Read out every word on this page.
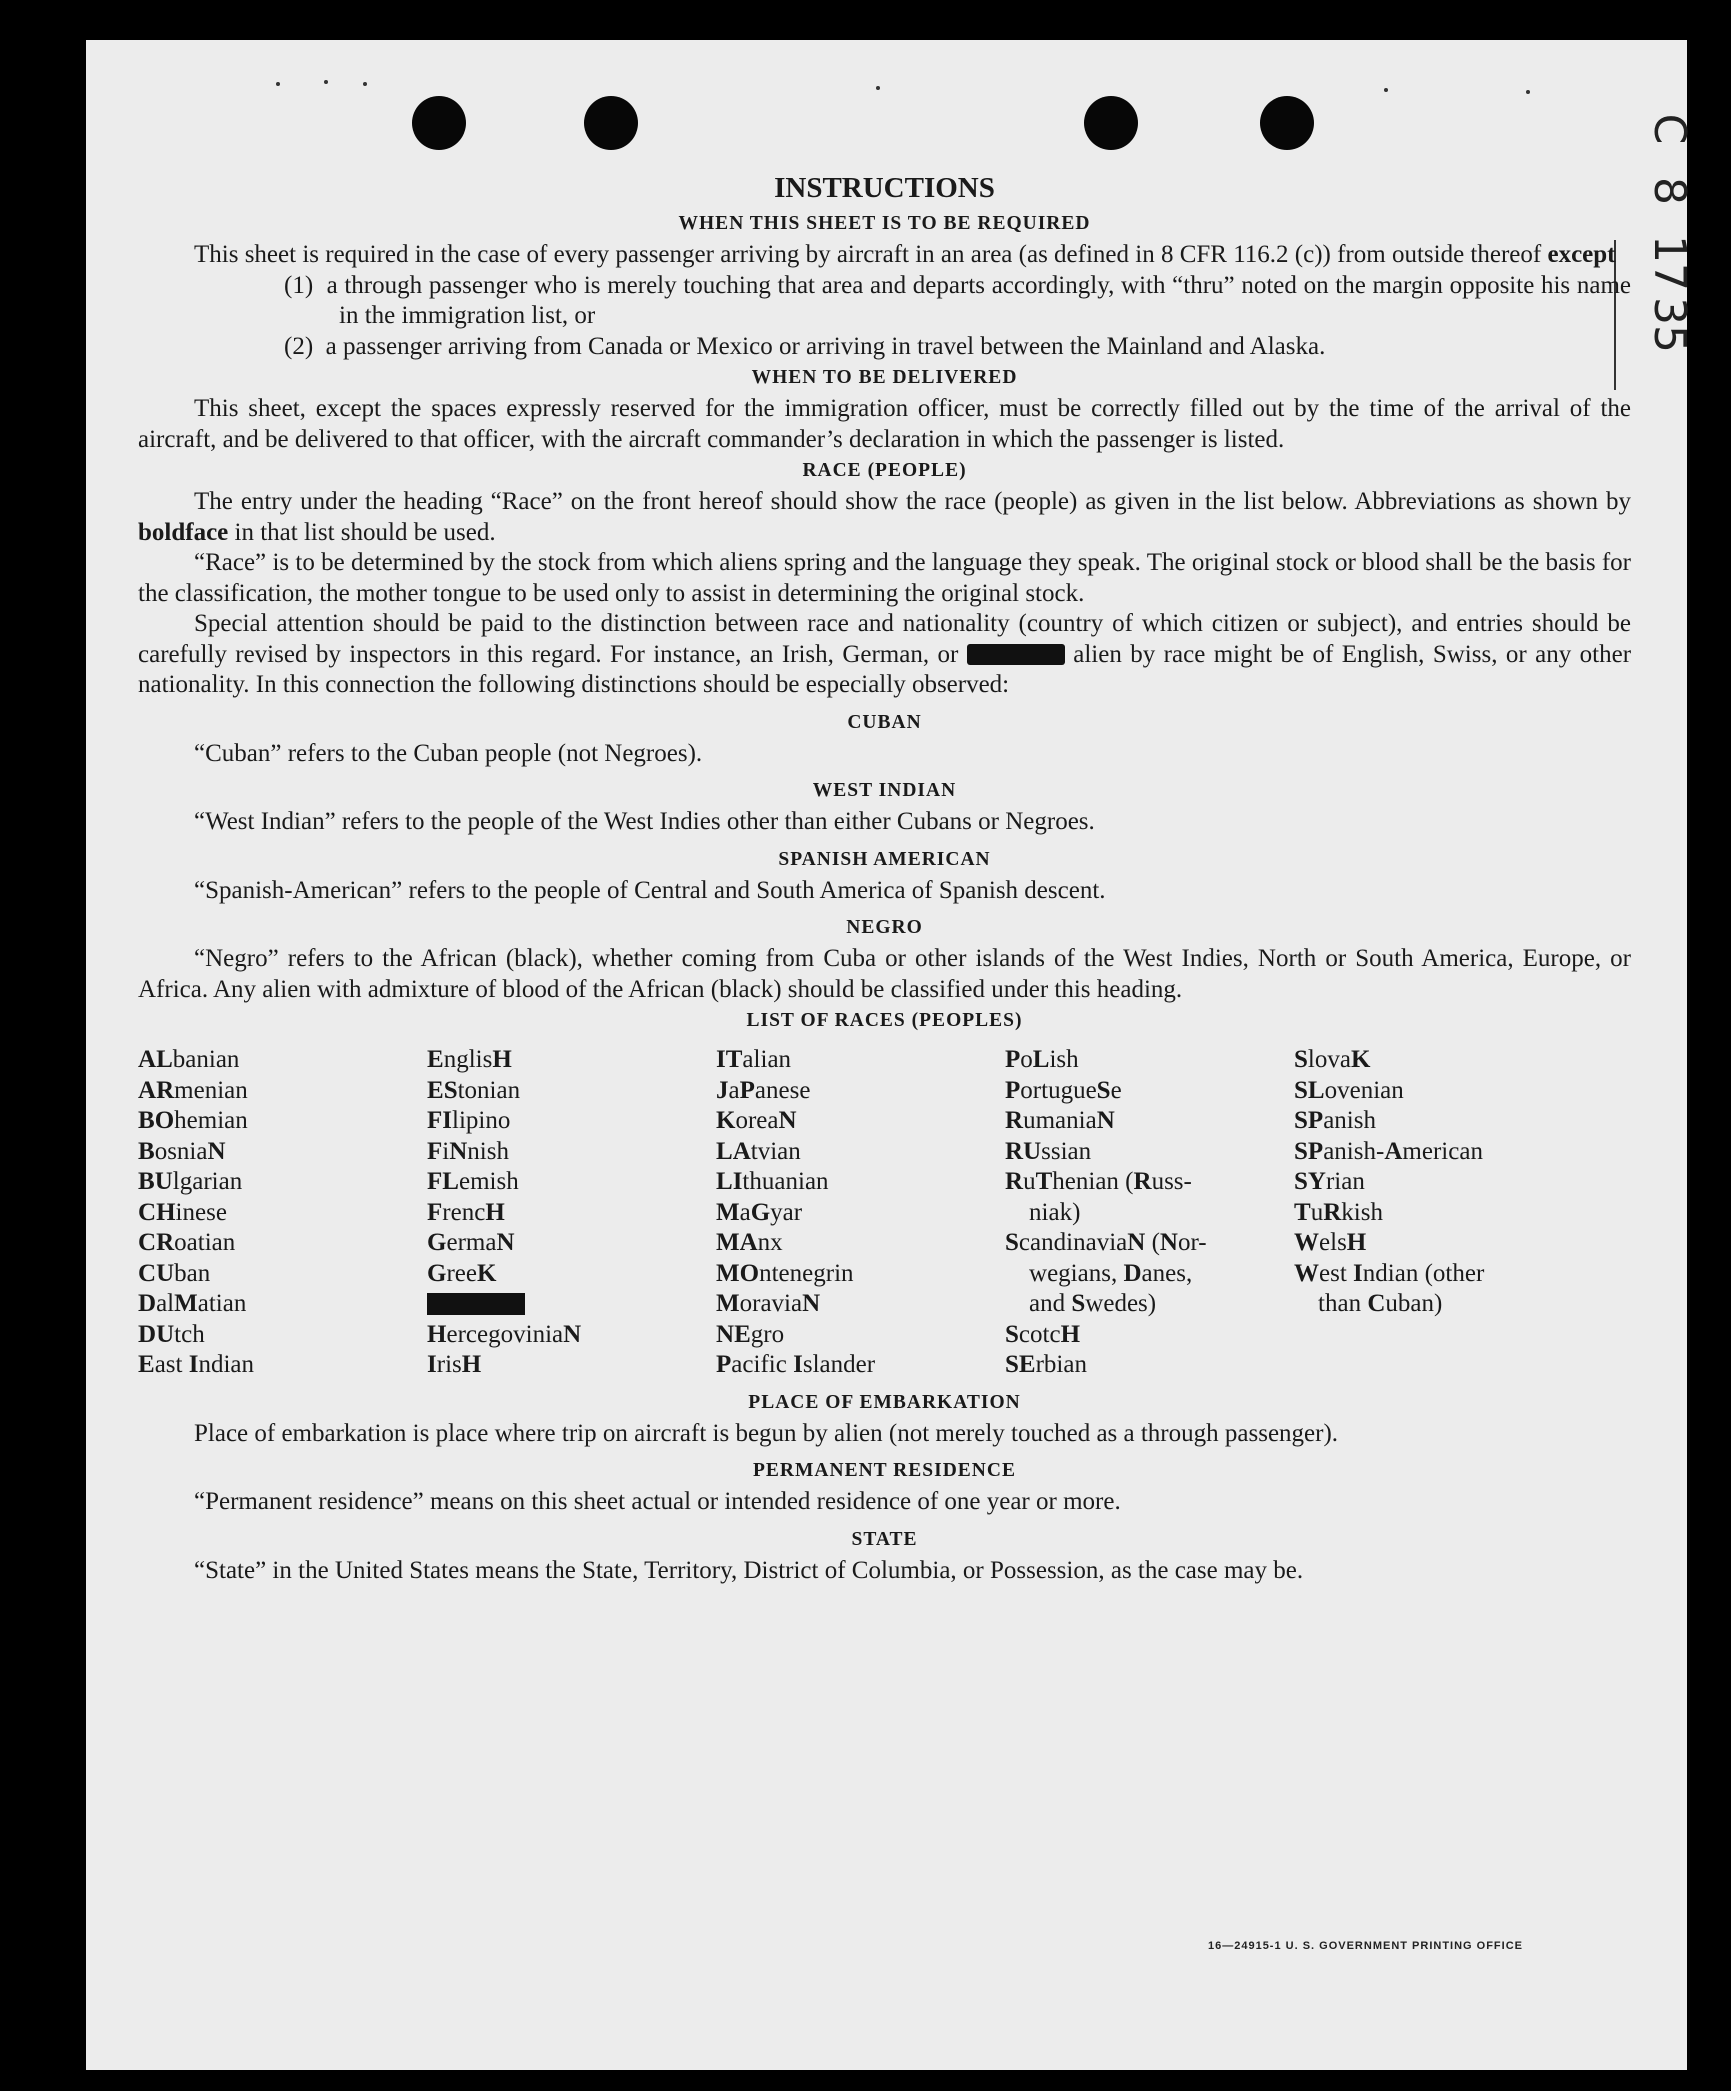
C
8
17
35
INSTRUCTIONS
WHEN THIS SHEET IS TO BE REQUIRED

This sheet is required in the case of every passenger arriving by aircraft in an area (as defined in 8 CFR 116.2 (c)) from outside thereof except

(1) a through passenger who is merely touching that area and departs accordingly, with “thru” noted on the margin opposite his name in the immigration list, or

(2) a passenger arriving from Canada or Mexico or arriving in travel between the Mainland and Alaska.

WHEN TO BE DELIVERED

This sheet, except the spaces expressly reserved for the immigration officer, must be correctly filled out by the time of the arrival of the aircraft, and be delivered to that officer, with the aircraft commander’s declaration in which the passenger is listed.

RACE (PEOPLE)

The entry under the heading “Race” on the front hereof should show the race (people) as given in the list below. Abbreviations as shown by boldface in that list should be used.

“Race” is to be determined by the stock from which aliens spring and the language they speak. The original stock or blood shall be the basis for the classification, the mother tongue to be used only to assist in determining the original stock.

Special attention should be paid to the distinction between race and nationality (country of which citizen or subject), and entries should be carefully revised by inspectors in this regard. For instance, an Irish, German, or	alien by race might be of English, Swiss, or any other nationality. In this connection the following distinctions should be especially observed:

CUBAN

“Cuban” refers to the Cuban people (not Negroes).

WEST INDIAN

“West Indian” refers to the people of the West Indies other than either Cubans or Negroes.

SPANISH AMERICAN

“Spanish-American” refers to the people of Central and South America of Spanish descent.

NEGRO

“Negro” refers to the African (black), whether coming from Cuba or other islands of the West Indies, North or South America, Europe, or Africa. Any alien with admixture of blood of the African (black) should be classified under this heading.

LIST OF RACES (PEOPLES)
ALbanian
ARmenian
BOhemian
BosniaN
BUlgarian
CHinese
CRoatian
CUban
DalMatian
DUtch
East Indian
EnglisH
EStonian
FIlipino
FiNnish
FLemish
FrencH
GermaN
GreeK
HercegoviniaN
IrisH
ITalian
JaPanese
KoreaN
LAtvian
LIthuanian
MaGyar
MAnx
MOntenegrin
MoraviaN
NEgro
Pacific Islander
PoLish
PortugueSe
RumaniaN
RUssian
RuThenian (Russ-
niak)
ScandinaviaN (Nor-
wegians, Danes,
and Swedes)
ScotcH
SErbian
SlovaK
SLovenian
SPanish
SPanish-American
SYrian
TuRkish
WelsH
West Indian (other
than Cuban)
PLACE OF EMBARKATION

Place of embarkation is place where trip on aircraft is begun by alien (not merely touched as a through passenger).

PERMANENT RESIDENCE

“Permanent residence” means on this sheet actual or intended residence of one year or more.

STATE

“State” in the United States means the State, Territory, District of Columbia, or Possession, as the case may be.

16—24915-1 U. S. GOVERNMENT PRINTING OFFICE
